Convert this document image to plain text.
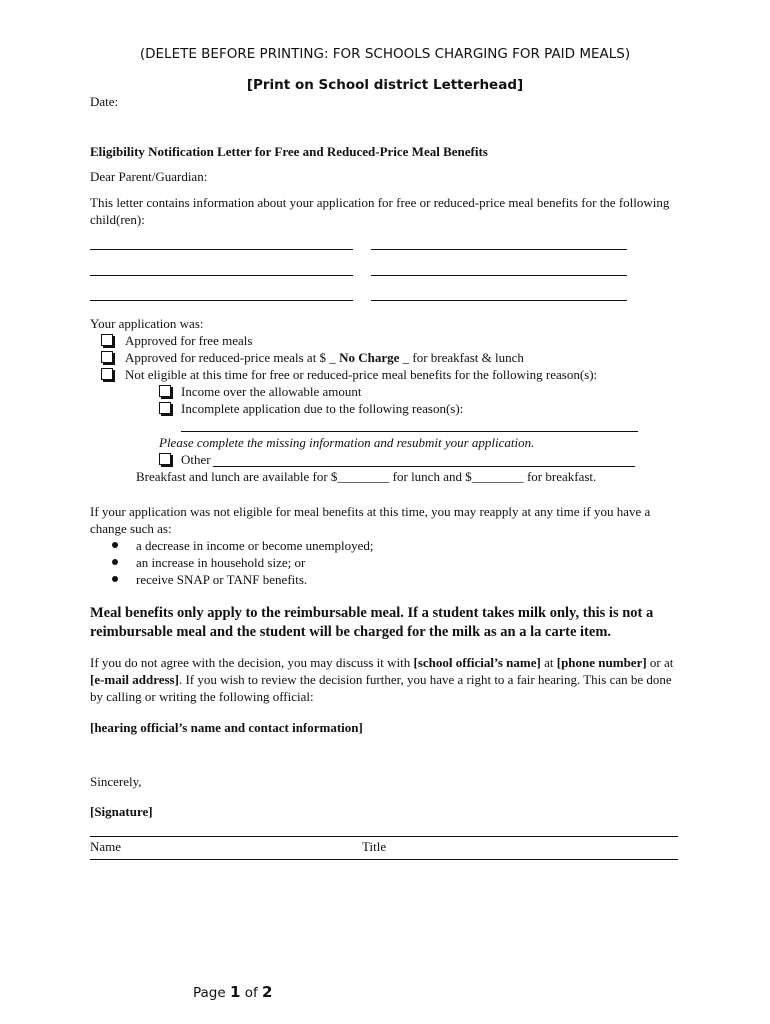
(DELETE BEFORE PRINTING: FOR SCHOOLS CHARGING FOR PAID MEALS)
[Print on School district Letterhead]
Date:
Eligibility Notification Letter for Free and Reduced-Price Meal Benefits
Dear Parent/Guardian:
This letter contains information about your application for free or reduced-price meal benefits for the following child(ren):
Your application was:
Approved for free meals
Approved for reduced-price meals at $ _ No Charge _ for breakfast & lunch
Not eligible at this time for free or reduced-price meal benefits for the following reason(s):
Income over the allowable amount
Incomplete application due to the following reason(s):
Please complete the missing information and resubmit your application.
Other
Breakfast and lunch are available for $________ for lunch and $________ for breakfast.
If your application was not eligible for meal benefits at this time, you may reapply at any time if you have a change such as:
a decrease in income or become unemployed;
an increase in household size; or
receive SNAP or TANF benefits.
Meal benefits only apply to the reimbursable meal. If a student takes milk only, this is not a reimbursable meal and the student will be charged for the milk as an a la carte item.
If you do not agree with the decision, you may discuss it with [school official’s name] at [phone number] or at [e-mail address]. If you wish to review the decision further, you have a right to a fair hearing. This can be done by calling or writing the following official:
[hearing official’s name and contact information]
Sincerely,
[Signature]
Name	Title
Page 1 of 2
